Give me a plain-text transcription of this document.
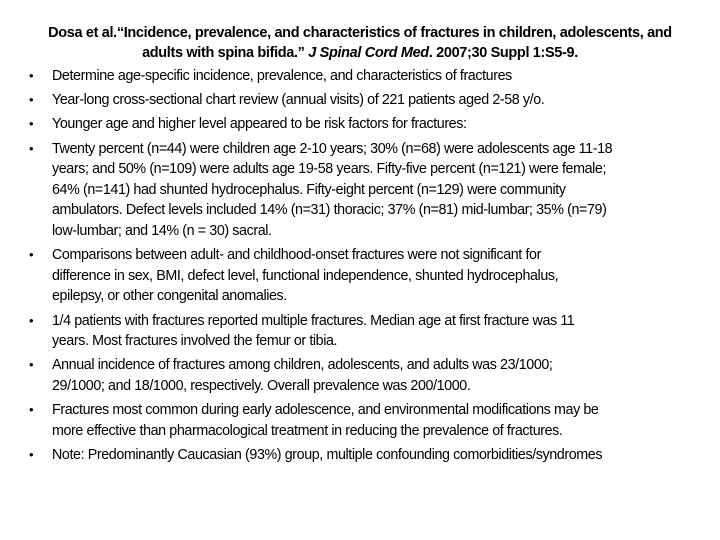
Dosa et al.“Incidence, prevalence, and characteristics of fractures in children, adolescents, and
adults with spina bifida.” J Spinal Cord Med. 2007;30 Suppl 1:S5-9.
• Determine age-specific incidence, prevalence, and characteristics of fractures
• Year-long cross-sectional chart review (annual visits) of 221 patients aged 2-58 y/o.
• Younger age and higher level appeared to be risk factors for fractures:
• Twenty percent (n=44) were children age 2-10 years; 30% (n=68) were adolescents age 11-18
years; and 50% (n=109) were adults age 19-58 years. Fifty-five percent (n=121) were female;
64% (n=141) had shunted hydrocephalus. Fifty-eight percent (n=129) were community
ambulators. Defect levels included 14% (n=31) thoracic; 37% (n=81) mid-lumbar; 35% (n=79)
low-lumbar; and 14% (n = 30) sacral.
• Comparisons between adult- and childhood-onset fractures were not significant for
difference in sex, BMI, defect level, functional independence, shunted hydrocephalus,
epilepsy, or other congenital anomalies.
• 1/4 patients with fractures reported multiple fractures. Median age at first fracture was 11
years. Most fractures involved the femur or tibia.
• Annual incidence of fractures among children, adolescents, and adults was 23/1000;
29/1000; and 18/1000, respectively. Overall prevalence was 200/1000.
• Fractures most common during early adolescence, and environmental modifications may be
more effective than pharmacological treatment in reducing the prevalence of fractures.
• Note: Predominantly Caucasian (93%) group, multiple confounding comorbidities/syndromes
